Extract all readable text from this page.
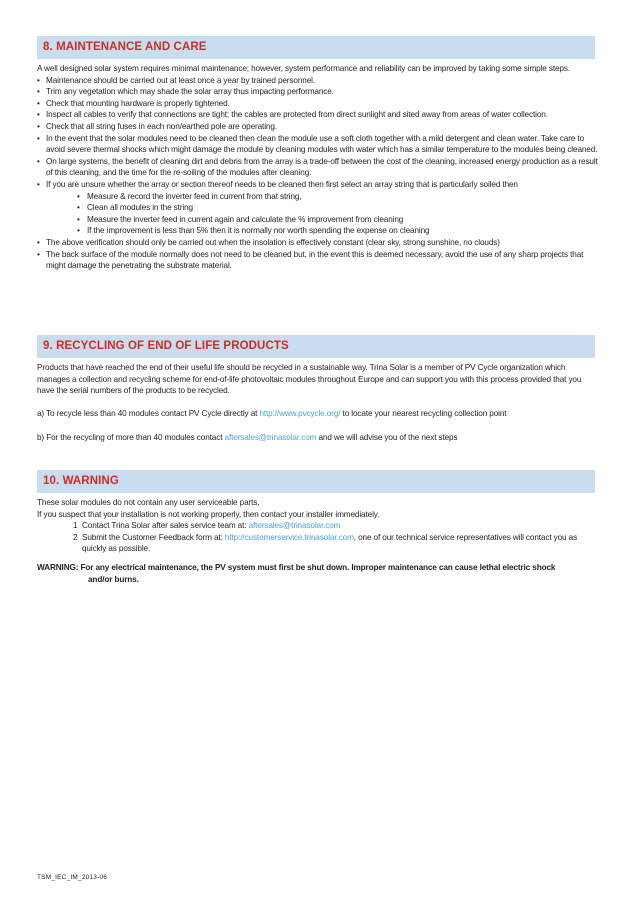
8. MAINTENANCE AND CARE

A well designed solar system requires minimal maintenance; however, system performance and reliability can be improved by taking some simple steps.

• Maintenance should be carried out at least once a year by trained personnel.
• Trim any vegetation which may shade the solar array thus impacting performance.
• Check that mounting hardware is properly tightened.
• Inspect all cables to verify that connections are tight; the cables are protected from direct sunlight and sited away from areas of water collection.
• Check that all string fuses in each non/earthed pole are operating.
• In the event that the solar modules need to be cleaned then clean the module use a soft cloth together with a mild detergent and clean water. Take care to avoid severe thermal shocks which might damage the module by cleaning modules with water which has a similar temperature to the modules being cleaned.
• On large systems, the benefit of cleaning dirt and debris from the array is a trade-off between the cost of the cleaning, increased energy production as a result of this cleaning, and the time for the re-soiling of the modules after cleaning.
• If you are unsure whether the array or section thereof needs to be cleaned then first select an array string that is particularly soiled then
• Measure & record the inverter feed in current from that string,
• Clean all modules in the string
• Measure the inverter feed in current again and calculate the % improvement from cleaning
• If the improvement is less than 5% then it is normally nor worth spending the expense on cleaning
• The above verification should only be carried out when the insolation is effectively constant (clear sky, strong sunshine, no clouds)
• The back surface of the module normally does not need to be cleaned but, in the event this is deemed necessary, avoid the use of any sharp projects that might damage the penetrating the substrate material.
9. RECYCLING OF END OF LIFE PRODUCTS

Products that have reached the end of their useful life should be recycled in a sustainable way. Trina Solar is a member of PV Cycle organization which manages a collection and recycling scheme for end-of-life photovoltaic modules throughout Europe and can support you with this process provided that you have the serial numbers of the products to be recycled.

a) To recycle less than 40 modules contact PV Cycle directly at http://www.pvcycle.org/ to locate your nearest recycling collection point

b) For the recycling of more than 40 modules contact aftersales@trinasolar.com and we will advise you of the next steps

10. WARNING

These solar modules do not contain any user serviceable parts,

If you suspect that your installation is not working properly, then contact your installer immediately.

1 Contact Trina Solar after sales service team at: aftersales@trinasolar.com
2 Submit the Customer Feedback form at: http://customerservice.trinasolar.com, one of our technical service representatives will contact you as quickly as possible.

WARNING: For any electrical maintenance, the PV system must first be shut down. Improper maintenance can cause lethal electric shock
and/or burns.

TSM_IEC_IM_2013-06
